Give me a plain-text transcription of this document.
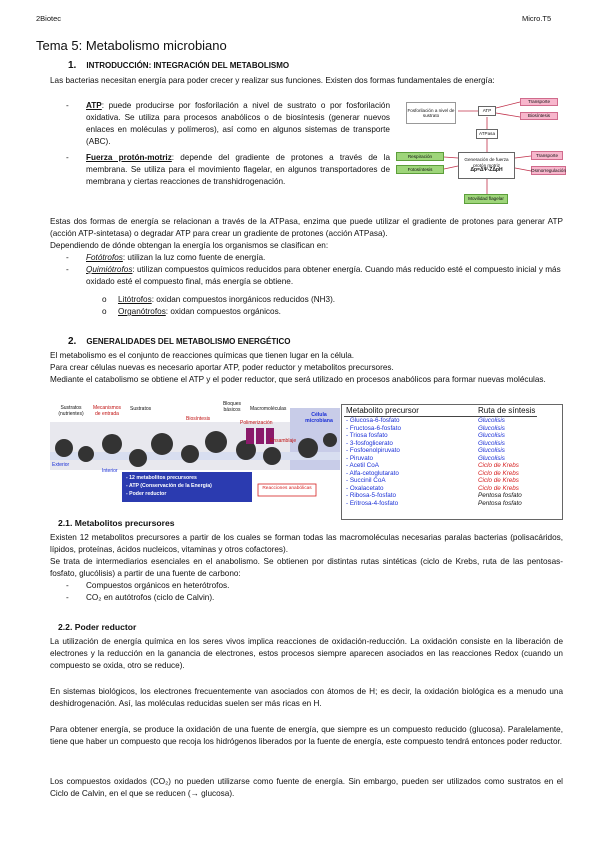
2Biotec	Micro.T5
Tema 5: Metabolismo microbiano
1. INTRODUCCIÓN: INTEGRACIÓN DEL METABOLISMO
Las bacterias necesitan energía para poder crecer y realizar sus funciones. Existen dos formas fundamentales de energía:
- ATP: puede producirse por fosforilación a nivel de sustrato o por fosforilación oxidativa. Se utiliza para procesos anabólicos o de biosíntesis (generar nuevos enlaces en moléculas y polímeros), así como en algunos sistemas de transporte (ABC).
- Fuerza protón-motriz: depende del gradiente de protones a través de la membrana. Se utiliza para el movimiento flagelar, en algunos transportadores de membrana y ciertas reacciones de transhidrogenación.
Fosforilación a nivel de sustrato
ATP
Transporte
Biosíntesis
ATPasa
Respiración
Fotosíntesis
Generación de fuerza protón motriz
Δp=ΔΨ-ZΔpH
Transporte
Osmorregulación
Movilidad flagelar
Estas dos formas de energía se relacionan a través de la ATPasa, enzima que puede utilizar el gradiente de protones para generar ATP (acción ATP-sintetasa) o degradar ATP para crear un gradiente de protones (acción ATPasa).
Dependiendo de dónde obtengan la energía los organismos se clasifican en:
- Fotótrofos: utilizan la luz como fuente de energía.
- Quimiótrofos: utilizan compuestos químicos reducidos para obtener energía. Cuando más reducido esté el compuesto inicial y más oxidado esté el compuesto final, más energía se obtiene.
o Litótrofos: oxidan compuestos inorgánicos reducidos (NH3).
o Organótrofos: oxidan compuestos orgánicos.
2. GENERALIDADES DEL METABOLISMO ENERGÉTICO
El metabolismo es el conjunto de reacciones químicas que tienen lugar en la célula.
Para crear células nuevas es necesario aportar ATP, poder reductor y metabolitos precursores.
Mediante el catabolismo se obtiene el ATP y el poder reductor, que será utilizado en procesos anabólicos para formar nuevas moléculas.
Sustratos (nutrientes)
Mecanismos de entrada
Sustratos
Bloques básicos	Macromoléculas
Célula microbiana
Biosíntesis
Polimerización
Ensamblaje
Exterior
Interior
- 12 metabolitos precursores
- ATP (Conservación de la Energía)
- Poder reductor
Reacciones anabólicas
Metabolito precursor	Ruta de síntesis
- Glucosa-6-fosfato	Glucolisis
- Fructosa-6-fosfato	Glucolisis
- Triosa fosfato	Glucolisis
- 3-fosfoglicerato	Glucolisis
- Fosfoenolpiruvato	Glucolisis
- Piruvato	Glucolisis
- Acetil CoA	Ciclo de Krebs
- Alfa-cetoglutarato	Ciclo de Krebs
- Succinil CoA	Ciclo de Krebs
- Oxalacetato	Ciclo de Krebs
- Ribosa-5-fosfato	Pentosa fosfato
- Eritrosa-4-fosfato	Pentosa fosfato
2.1. Metabolitos precursores
Existen 12 metabolitos precursores a partir de los cuales se forman todas las macromoléculas necesarias paralas bacterias (polisacáridos, lípidos, proteínas, ácidos nucleicos, vitaminas y otros cofactores).
Se trata de intermediarios esenciales en el anabolismo. Se obtienen por distintas rutas sintéticas (ciclo de Krebs, ruta de las pentosas-fosfato, glucólisis) a partir de una fuente de carbono:
- Compuestos orgánicos en heterótrofos.
- CO₂ en autótrofos (ciclo de Calvin).
2.2. Poder reductor
La utilización de energía química en los seres vivos implica reacciones de oxidación-reducción. La oxidación consiste en la liberación de electrones y la reducción en la ganancia de electrones, estos procesos siempre aparecen asociados en las reacciones Redox (cuando un compuesto se oxida, otro se reduce).
En sistemas biológicos, los electrones frecuentemente van asociados con átomos de H; es decir, la oxidación biológica es a menudo una deshidrogenación. Así, las moléculas reducidas suelen ser más ricas en H.
Para obtener energía, se produce la oxidación de una fuente de energía, que siempre es un compuesto reducido (glucosa). Paralelamente, tiene que haber un compuesto que recoja los hidrógenos liberados por la fuente de energía, este compuesto tendrá entonces poder reductor.
Los compuestos oxidados (CO₂) no pueden utilizarse como fuente de energía. Sin embargo, pueden ser utilizados como sustratos en el Ciclo de Calvin, en el que se reducen (→ glucosa).
